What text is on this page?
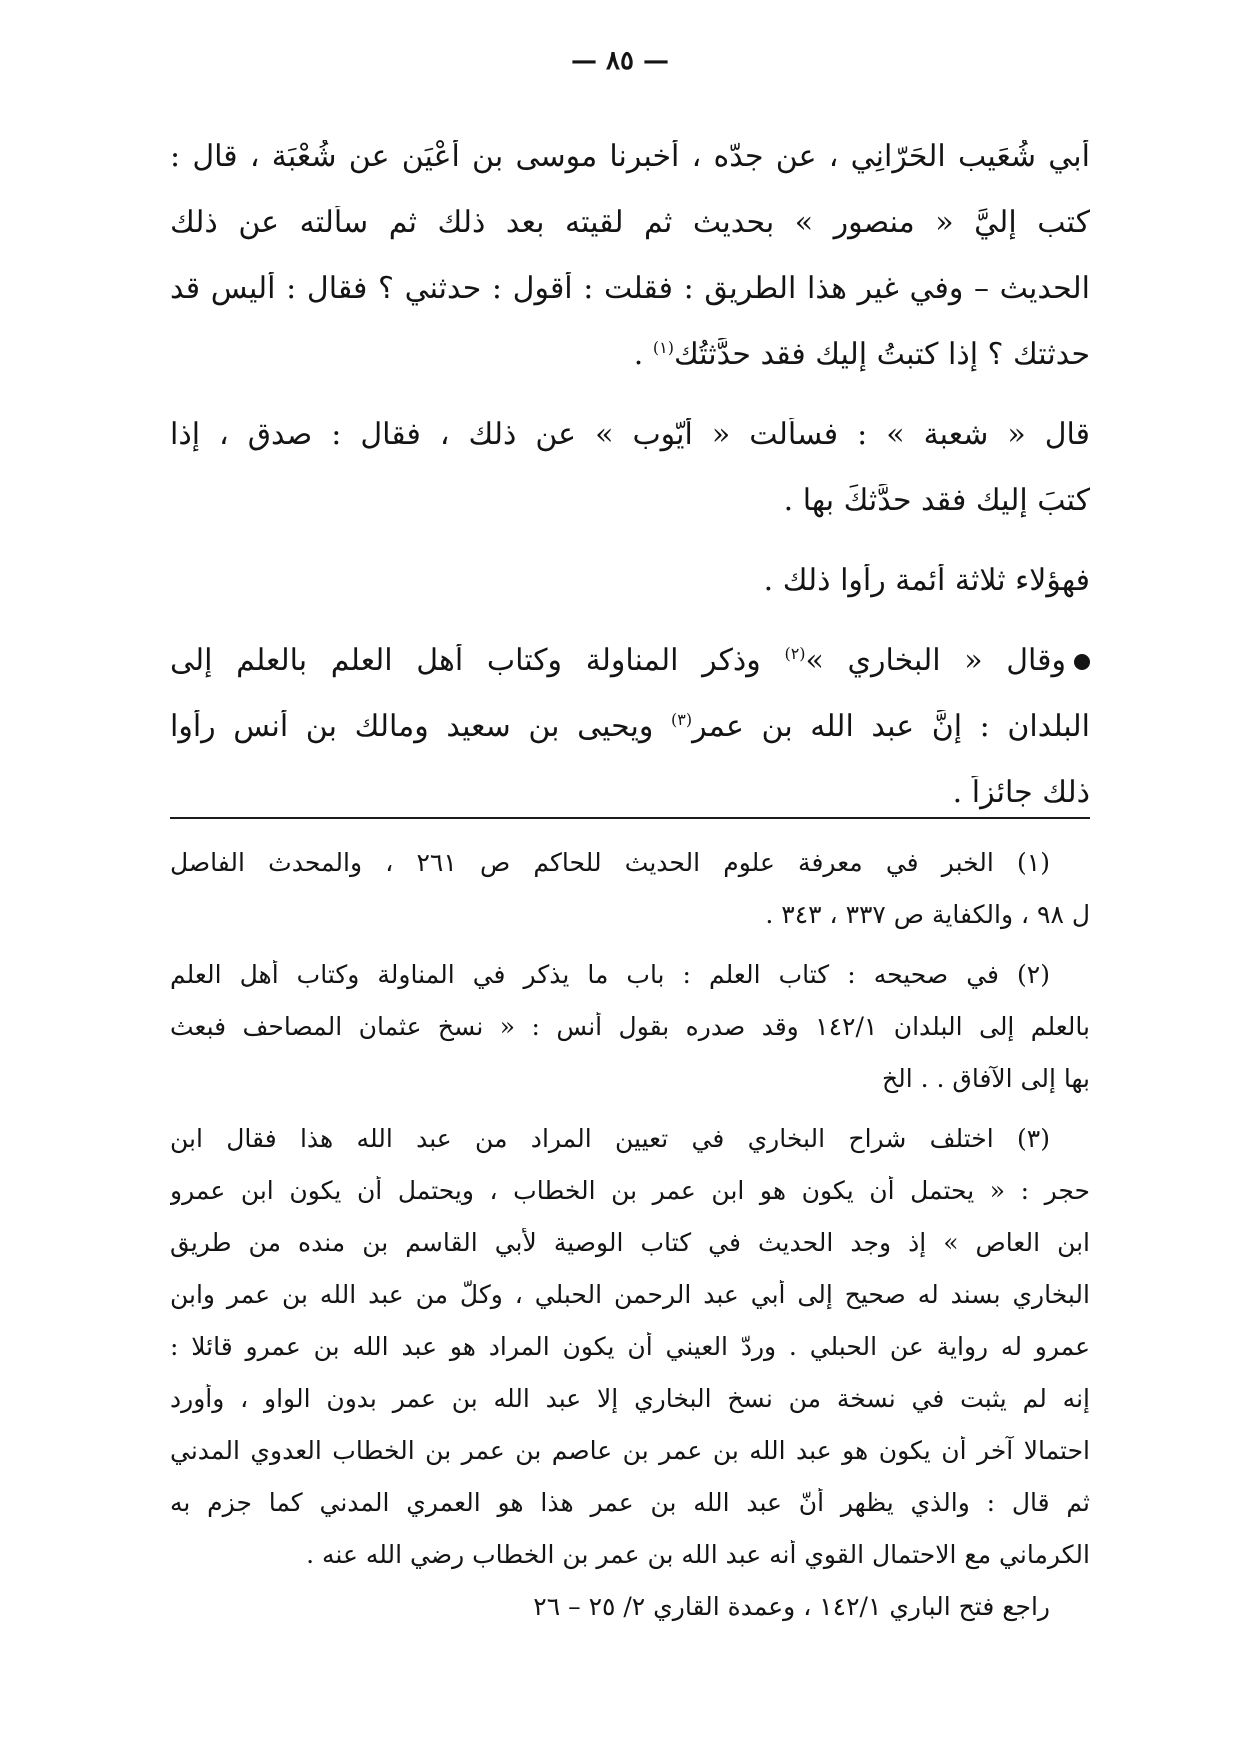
— ٨٥ —
أبي شُعَيب الحَرّانِي ، عن جدّه ، أخبرنا موسى بن أَعْيَن عن شُعْبَة ، قال :
كتب إليَّ « منصور » بحديث ثم لقيته بعد ذلك ثم سألته عن ذلك
الحديث – وفي غير هذا الطريق : فقلت : أقول : حدثني ؟ فقال : أليس قد
حدثتك ؟ إذا كتبتُ إليك فقد حدَّثتُك$^{(١)}$ .
قال « شعبة » : فسألت « أيّوب » عن ذلك ، فقال : صدق ، إذا
كتبَ إليك فقد حدَّثكَ بها .
فهؤلاء ثلاثة أئمة رأوا ذلك .
وقال « البخاري »$^{(٢)}$ وذكر المناولة وكتاب أهل العلم بالعلم إلى
البلدان : إنَّ عبد الله بن عمر$^{(٣)}$ ويحيى بن سعيد ومالك بن أنس رأوا
ذلك جائزاً .
(١) الخبر في معرفة علوم الحديث للحاكم ص ٢٦١ ، والمحدث الفاصل
ل ٩٨ ، والكفاية ص ٣٣٧ ، ٣٤٣ .
(٢) في صحيحه : كتاب العلم : باب ما يذكر في المناولة وكتاب أهل العلم
بالعلم إلى البلدان ١٤٢/١ وقد صدره بقول أنس : « نسخ عثمان المصاحف فبعث
بها إلى الآفاق . . الخ
(٣) اختلف شراح البخاري في تعيين المراد من عبد الله هذا فقال ابن
حجر : « يحتمل أن يكون هو ابن عمر بن الخطاب ، ويحتمل أن يكون ابن عمرو
ابن العاص » إذ وجد الحديث في كتاب الوصية لأبي القاسم بن منده من طريق
البخاري بسند له صحيح إلى أبي عبد الرحمن الحبلي ، وكلٌّ من عبد الله بن عمر وابن
عمرو له رواية عن الحبلي . وردّ العيني أن يكون المراد هو عبد الله بن عمرو قائلا :
إنه لم يثبت في نسخة من نسخ البخاري إلا عبد الله بن عمر بدون الواو ، وأورد
احتمالا آخر أن يكون هو عبد الله بن عمر بن عاصم بن عمر بن الخطاب العدوي المدني
ثم قال : والذي يظهر أنّ عبد الله بن عمر هذا هو العمري المدني كما جزم به
الكرماني مع الاحتمال القوي أنه عبد الله بن عمر بن الخطاب رضي الله عنه .
راجع فتح الباري ١٤٢/١ ، وعمدة القاري ٢/ ٢٥ – ٢٦
